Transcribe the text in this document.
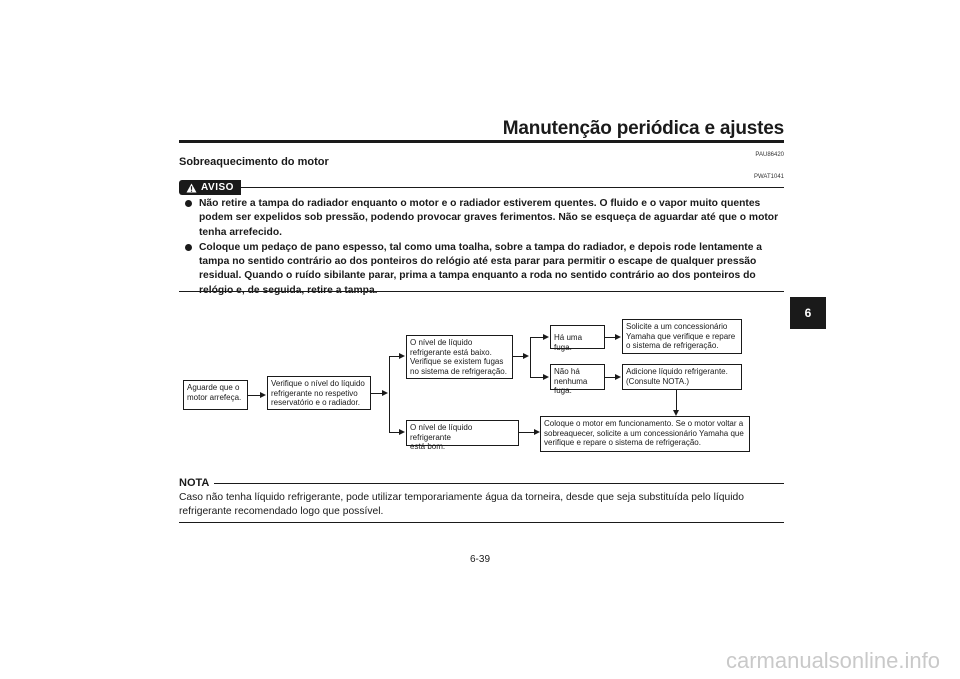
Manutenção periódica e ajustes
PAU86420
Sobreaquecimento do motor
AVISO
PWAT1041
Não retire a tampa do radiador enquanto o motor e o radiador estiverem quentes. O fluido e o vapor muito quentes podem ser expelidos sob pressão, podendo provocar graves ferimentos. Não se esqueça de aguardar até que o motor tenha arrefecido.
Coloque um pedaço de pano espesso, tal como uma toalha, sobre a tampa do radiador, e depois rode lentamente a tampa no sentido contrário ao dos ponteiros do relógio até esta parar para permitir o escape de qualquer pressão residual. Quando o ruído sibilante parar, prima a tampa enquanto a roda no sentido contrário ao dos ponteiros do
Aguarde que o
motor arrefeça.
Verifique o nível do líquido
refrigerante no respetivo
reservatório e o radiador.
O nível de líquido
refrigerante está baixo.
Verifique se existem fugas
no sistema de refrigeração.
O nível de líquido refrigerante
está bom.
Há uma fuga.
Não há
nenhuma fuga.
Solicite a um concessionário
Yamaha que verifique e repare
o sistema de refrigeração.
Adicione líquido refrigerante.
(Consulte NOTA.)
Coloque o motor em funcionamento. Se o motor voltar a
sobreaquecer, solicite a um concessionário Yamaha que
verifique e repare o sistema de refrigeração.
NOTA
Caso não tenha líquido refrigerante, pode utilizar temporariamente água da torneira, desde que seja substituída pelo líquido refrigerante recomendado logo que possível.
6-39
6
carmanualsonline.info
